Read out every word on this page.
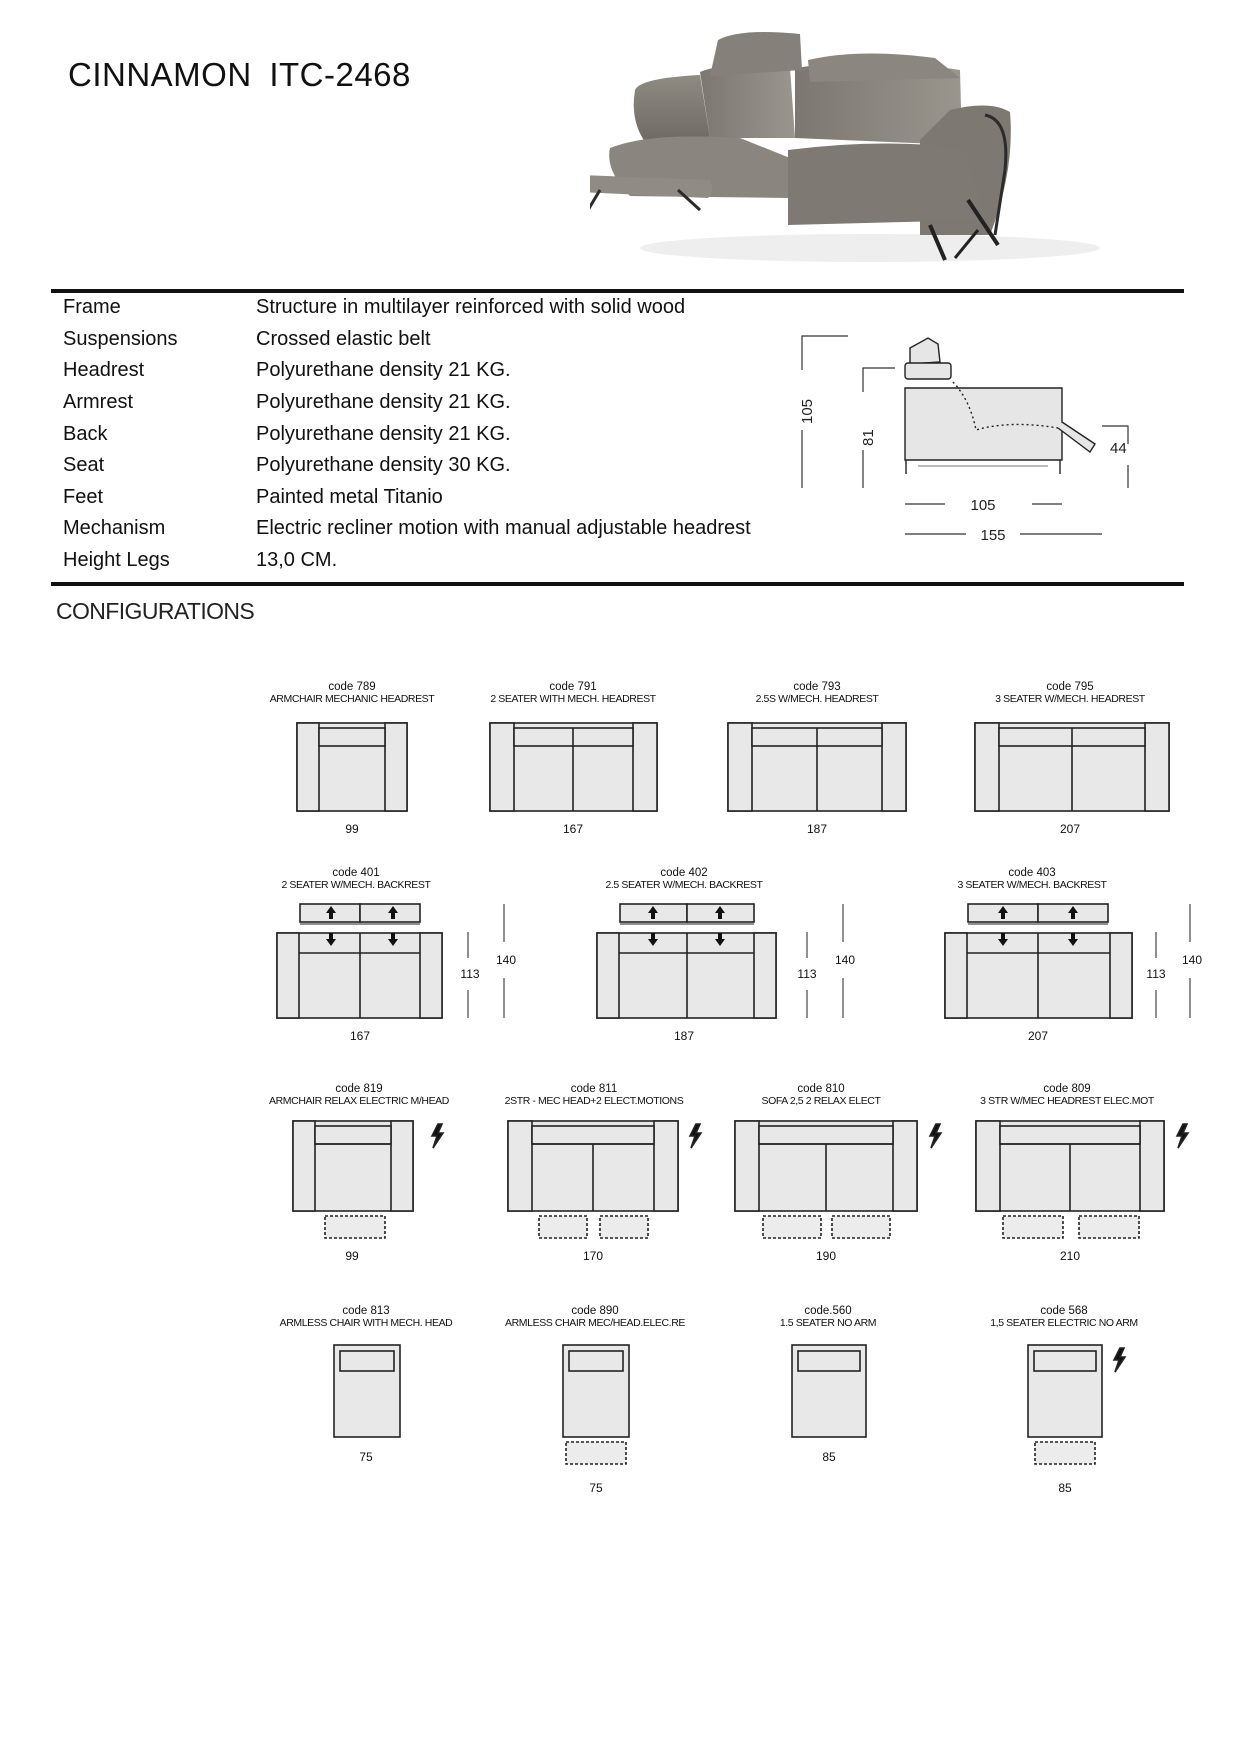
CINNAMON ITC-2468
Frame	Structure in multilayer reinforced with solid wood
Suspensions	Crossed elastic belt
Headrest	Polyurethane density 21 KG.
Armrest	Polyurethane density 21 KG.
Back	Polyurethane density 21 KG.
Seat	Polyurethane density 30 KG.
Feet	Painted metal Titanio
Mechanism	Electric recliner motion with manual adjustable headrest
Height Legs	13,0 CM.
105
81
44
105
155
CONFIGURATIONS
code 789
ARMCHAIR MECHANIC HEADREST
99
code 791
2 SEATER WITH MECH. HEADREST
167
code 793
2.5S W/MECH. HEADREST
187
code 795
3 SEATER W/MECH. HEADREST
207
code 401
2 SEATER W/MECH. BACKREST
113
140
167
code 402
2.5 SEATER W/MECH. BACKREST
113
140
187
code 403
3 SEATER W/MECH. BACKREST
113
140
207
code 819
ARMCHAIR RELAX ELECTRIC M/HEAD
99
code 811
2STR - MEC HEAD+2 ELECT.MOTIONS
170
code 810
SOFA 2,5 2 RELAX ELECT
190
code 809
3 STR W/MEC HEADREST ELEC.MOT
210
code 813
ARMLESS CHAIR WITH MECH. HEAD
75
code 890
ARMLESS CHAIR MEC/HEAD.ELEC.RE
75
code.560
1.5 SEATER NO ARM
85
code 568
1,5 SEATER ELECTRIC NO ARM
85
